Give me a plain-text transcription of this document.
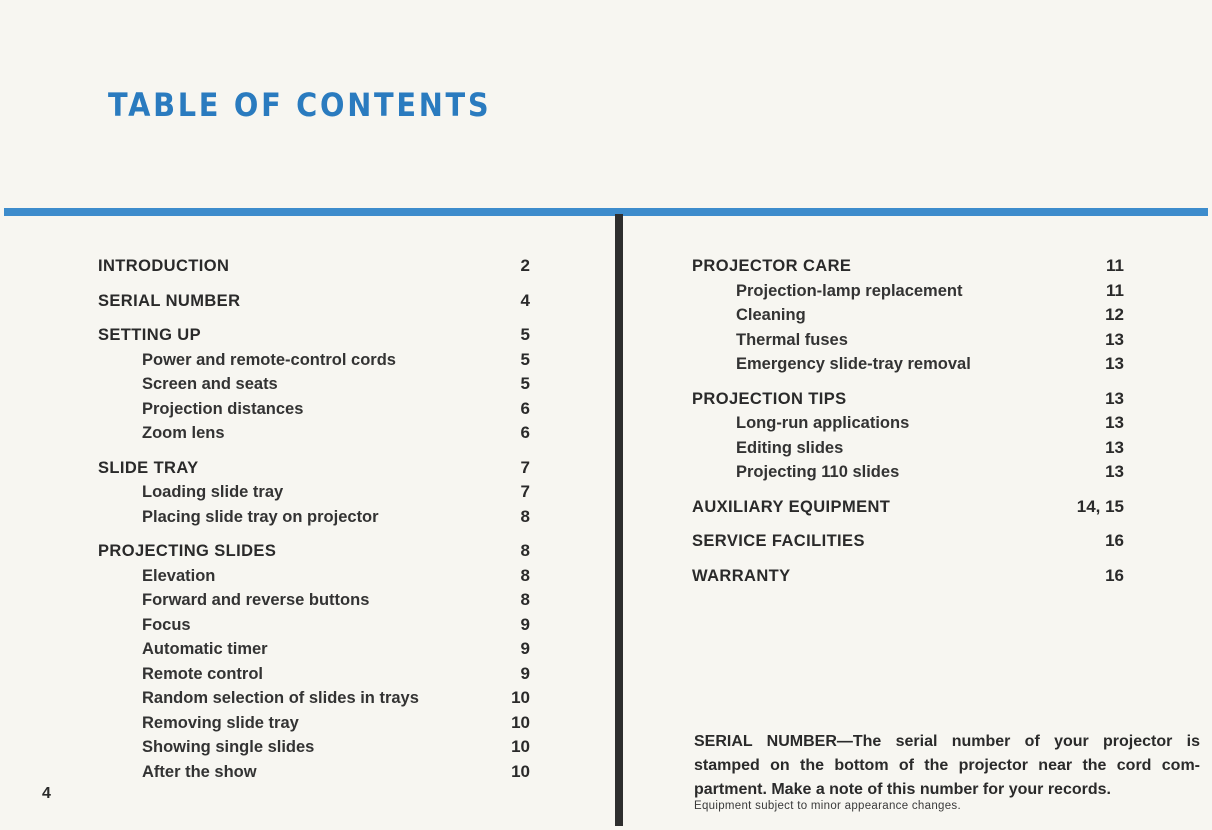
TABLE OF CONTENTS
INTRODUCTION	2
SERIAL NUMBER	4
SETTING UP	5
Power and remote-control cords	5
Screen and seats	5
Projection distances	6
Zoom lens	6
SLIDE TRAY	7
Loading slide tray	7
Placing slide tray on projector	8
PROJECTING SLIDES	8
Elevation	8
Forward and reverse buttons	8
Focus	9
Automatic timer	9
Remote control	9
Random selection of slides in trays	10
Removing slide tray	10
Showing single slides	10
After the show	10
PROJECTOR CARE	11
Projection-lamp replacement	11
Cleaning	12
Thermal fuses	13
Emergency slide-tray removal	13
PROJECTION TIPS	13
Long-run applications	13
Editing slides	13
Projecting 110 slides	13
AUXILIARY EQUIPMENT	14, 15
SERVICE FACILITIES	16
WARRANTY	16

SERIAL NUMBER—The serial number of your projector is stamped on the bottom of the projector near the cord com-partment. Make a note of this number for your records.

Equipment subject to minor appearance changes.

4
